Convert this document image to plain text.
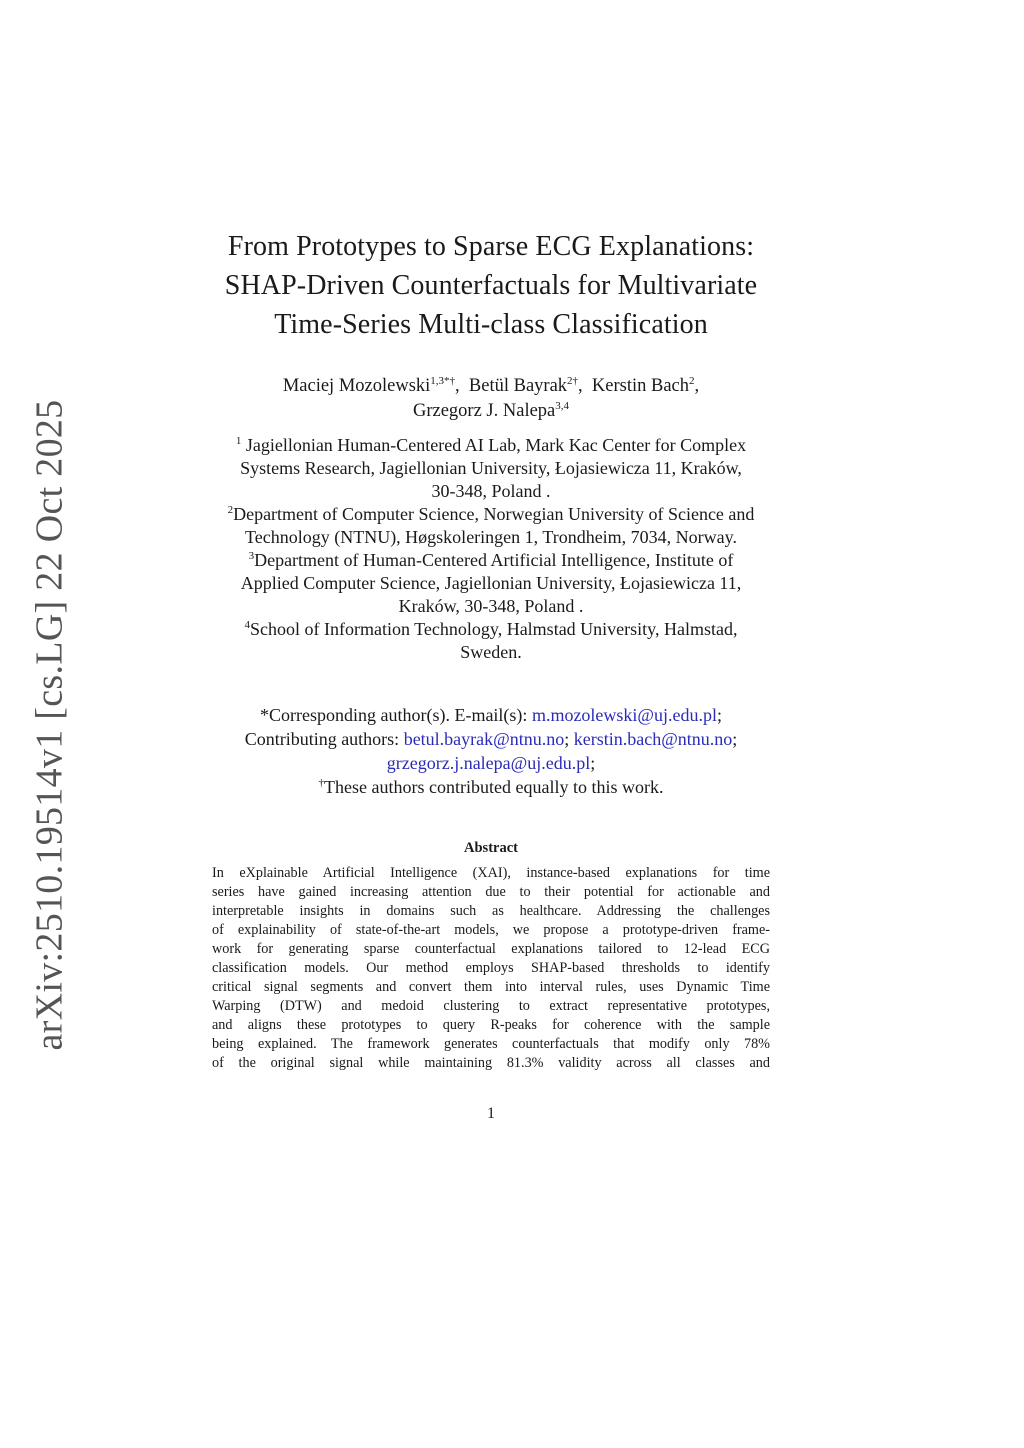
arXiv:2510.19514v1 [cs.LG] 22 Oct 2025
From Prototypes to Sparse ECG Explanations:
SHAP-Driven Counterfactuals for Multivariate
Time-Series Multi-class Classification
Maciej Mozolewski$^{1,3*\dagger}$,  Betül Bayrak$^{2\dagger}$,  Kerstin Bach$^2$,
Grzegorz J. Nalepa$^{3,4}$
$^1$ Jagiellonian Human-Centered AI Lab, Mark Kac Center for Complex
Systems Research, Jagiellonian University, Łojasiewicza 11, Kraków,
30-348, Poland .
$^2$Department of Computer Science, Norwegian University of Science and
Technology (NTNU), Høgskoleringen 1, Trondheim, 7034, Norway.
$^3$Department of Human-Centered Artificial Intelligence, Institute of
Applied Computer Science, Jagiellonian University, Łojasiewicza 11,
Kraków, 30-348, Poland .
$^4$School of Information Technology, Halmstad University, Halmstad,
Sweden.
*Corresponding author(s). E-mail(s): m.mozolewski@uj.edu.pl;
Contributing authors: betul.bayrak@ntnu.no; kerstin.bach@ntnu.no;
grzegorz.j.nalepa@uj.edu.pl;
†These authors contributed equally to this work.
Abstract
In eXplainable Artificial Intelligence (XAI), instance-based explanations for time
series have gained increasing attention due to their potential for actionable and
interpretable insights in domains such as healthcare. Addressing the challenges
of explainability of state-of-the-art models, we propose a prototype-driven frame-
work for generating sparse counterfactual explanations tailored to 12-lead ECG
classification models. Our method employs SHAP-based thresholds to identify
critical signal segments and convert them into interval rules, uses Dynamic Time
Warping (DTW) and medoid clustering to extract representative prototypes,
and aligns these prototypes to query R-peaks for coherence with the sample
being explained. The framework generates counterfactuals that modify only 78%
of the original signal while maintaining 81.3% validity across all classes and
1
